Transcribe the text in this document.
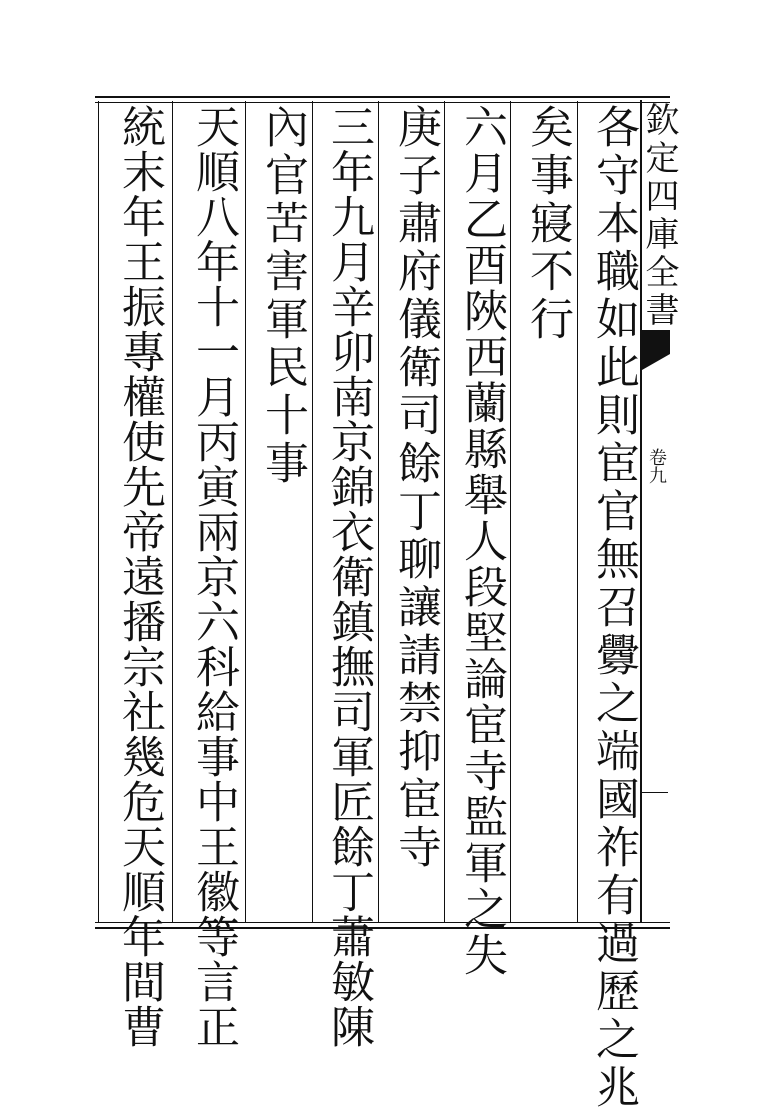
各守本職如此則宦官無召釁之端國祚有過歷之兆
矣事寢不行
六月乙酉陜西蘭縣舉人段堅論宦寺監軍之失
庚子肅府儀衛司餘丁聊讓請禁抑宦寺
三年九月辛卯南京錦衣衛鎮撫司軍匠餘丁蕭敏陳
內官苦害軍民十事
天順八年十一月丙寅兩京六科給事中王徽等言正
統末年王振專權使先帝遠播宗社幾危天順年間曹	欽定四庫全書
卷九
